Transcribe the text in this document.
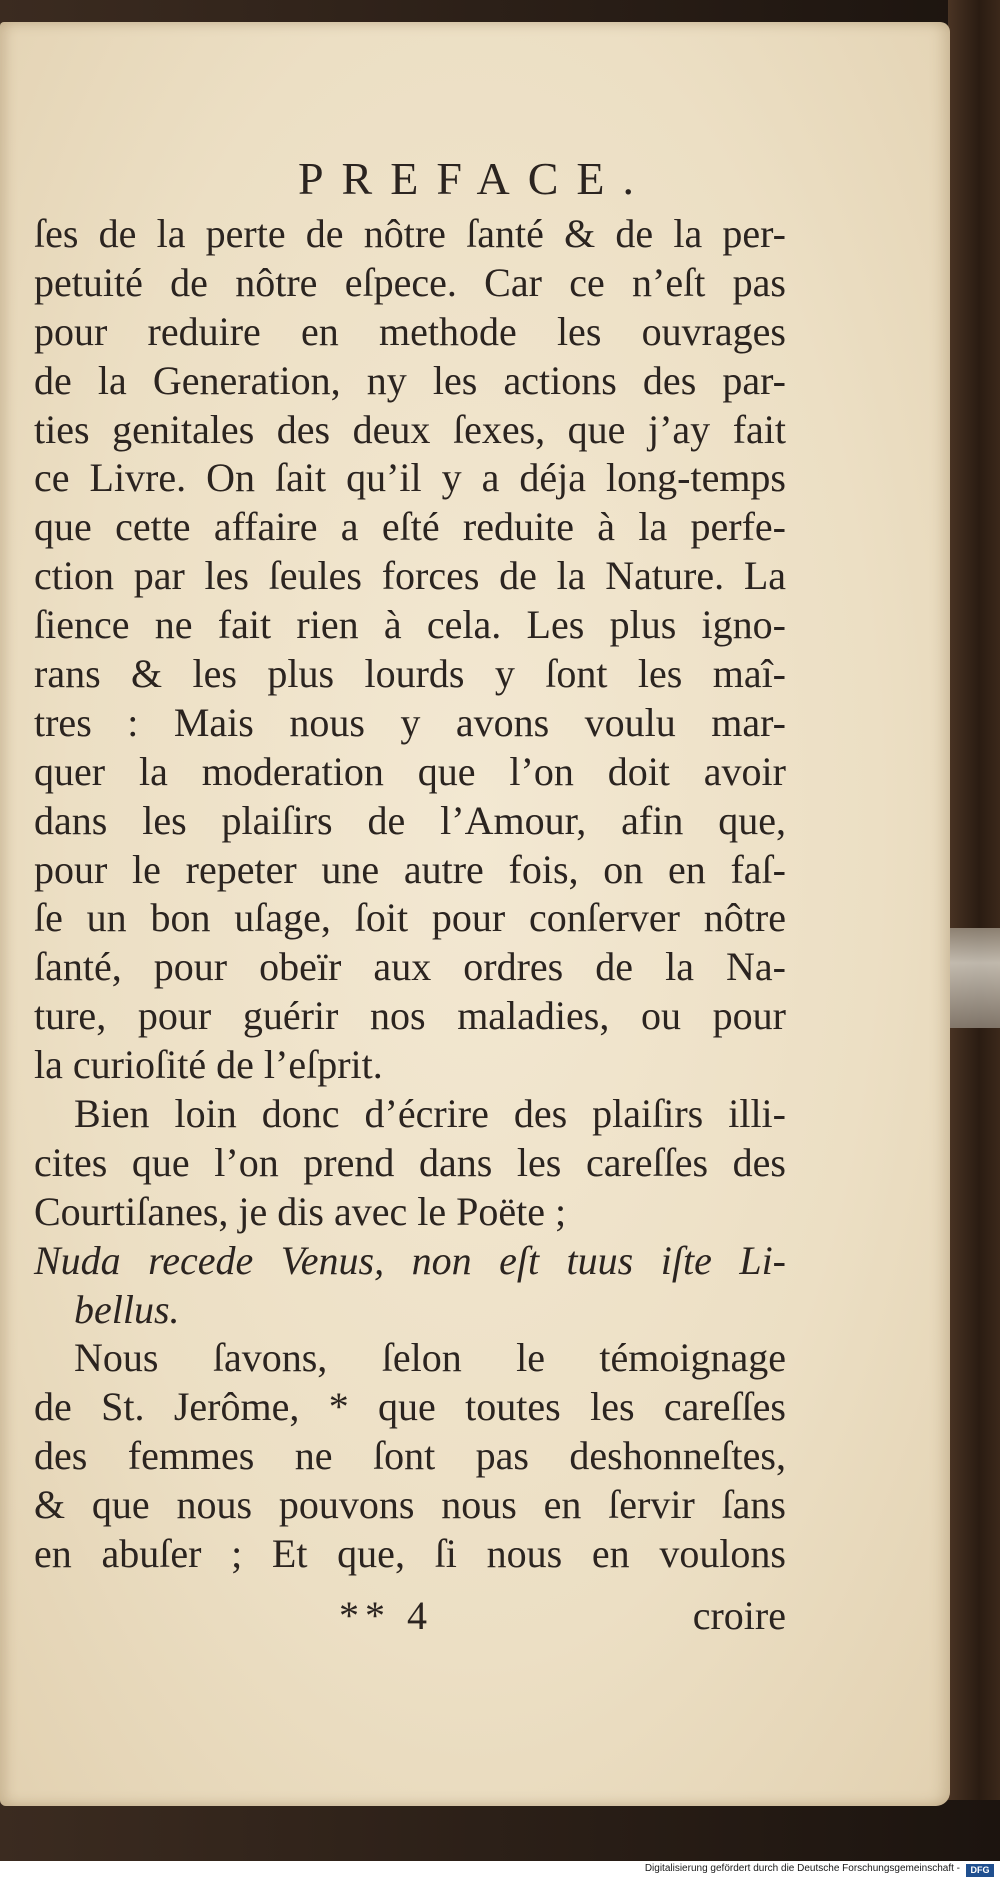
PREFACE.
ſes de la perte de nôtre ſanté & de la per-
petuité de nôtre eſpece. Car ce n’eſt pas
pour reduire en methode les ouvrages
de la Generation, ny les actions des par-
ties genitales des deux ſexes, que j’ay fait
ce Livre. On ſait qu’il y a déja long-temps
que cette affaire a eſté reduite à la perfe-
ction par les ſeules forces de la Nature. La
ſience ne fait rien à cela. Les plus igno-
rans & les plus lourds y ſont les maî-
tres : Mais nous y avons voulu mar-
quer la moderation que l’on doit avoir
dans les plaiſirs de l’Amour, afin que,
pour le repeter une autre fois, on en faſ-
ſe un bon uſage, ſoit pour conſerver nôtre
ſanté, pour obeïr aux ordres de la Na-
ture, pour guérir nos maladies, ou pour
la curioſité de l’eſprit.
Bien loin donc d’écrire des plaiſirs illi-
cites que l’on prend dans les careſſes des
Courtiſanes, je dis avec le Poëte ;
Nuda recede Venus, non eſt tuus iſte Li-
bellus.
Nous ſavons, ſelon le témoignage
de St. Jerôme, * que toutes les careſſes
des femmes ne ſont pas deshonneſtes,
& que nous pouvons nous en ſervir ſans
en abuſer ; Et que, ſi nous en voulons
** 4	croire
Digitalisierung gefördert durch die Deutsche Forschungsgemeinschaft -	DFG
